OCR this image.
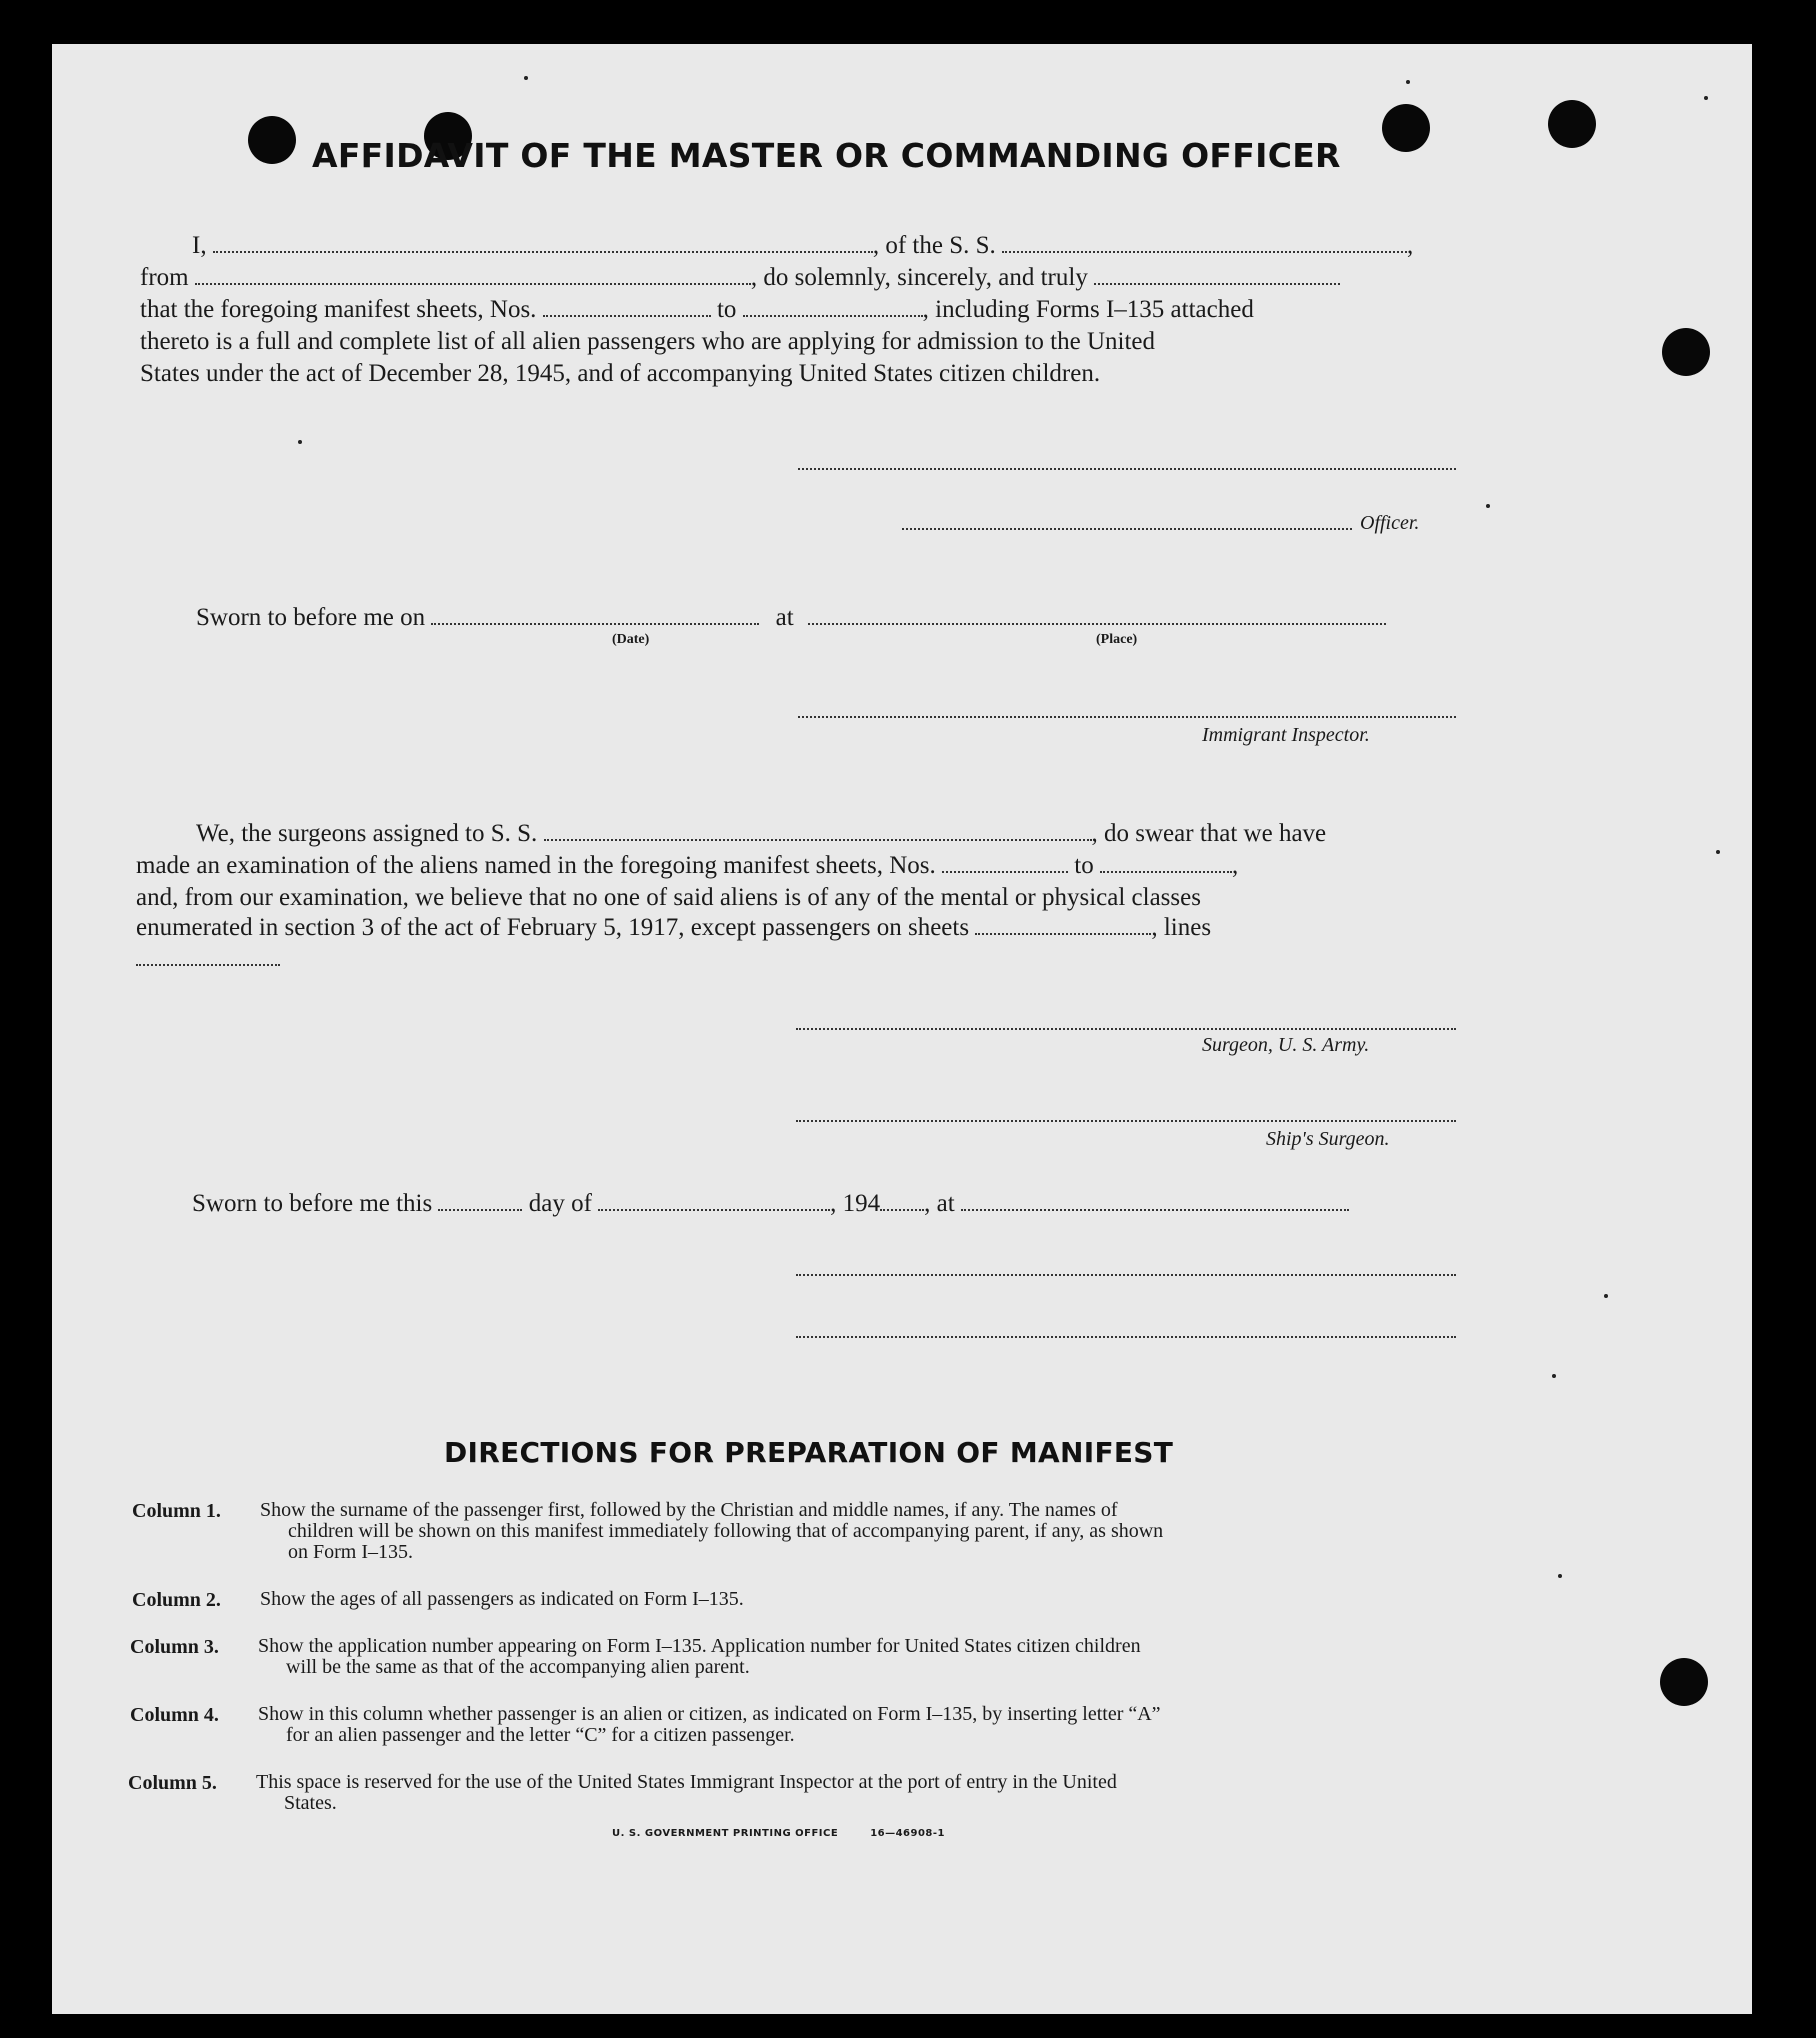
AFFIDAVIT OF THE MASTER OR COMMANDING OFFICER
I,	, of the S. S.	,
from	, do solemnly, sincerely, and truly
that the foregoing manifest sheets, Nos.	to	, including Forms I–135 attached
thereto is a full and complete list of all alien passengers who are applying for admission to the United
States under the act of December 28, 1945, and of accompanying United States citizen children.
Officer.
Sworn to before me on	at
(Date)	(Place)
Immigrant Inspector.
We, the surgeons assigned to S. S.	, do swear that we have
made an examination of the aliens named in the foregoing manifest sheets, Nos.	to	,
and, from our examination, we believe that no one of said aliens is of any of the mental or physical classes
enumerated in section 3 of the act of February 5, 1917, except passengers on sheets	, lines
Surgeon, U. S. Army.
Ship's Surgeon.
Sworn to before me this	day of	, 194 , at
DIRECTIONS FOR PREPARATION OF MANIFEST
Column 1.	Show the surname of the passenger first, followed by the Christian and middle names, if any. The names of
children will be shown on this manifest immediately following that of accompanying parent, if any, as shown
on Form I–135.
Column 2.	Show the ages of all passengers as indicated on Form I–135.
Column 3.	Show the application number appearing on Form I–135. Application number for United States citizen children
will be the same as that of the accompanying alien parent.
Column 4.	Show in this column whether passenger is an alien or citizen, as indicated on Form I–135, by inserting letter “A”
for an alien passenger and the letter “C” for a citizen passenger.
Column 5.	This space is reserved for the use of the United States Immigrant Inspector at the port of entry in the United
States.
U. S. GOVERNMENT PRINTING OFFICE	16—46908-1
